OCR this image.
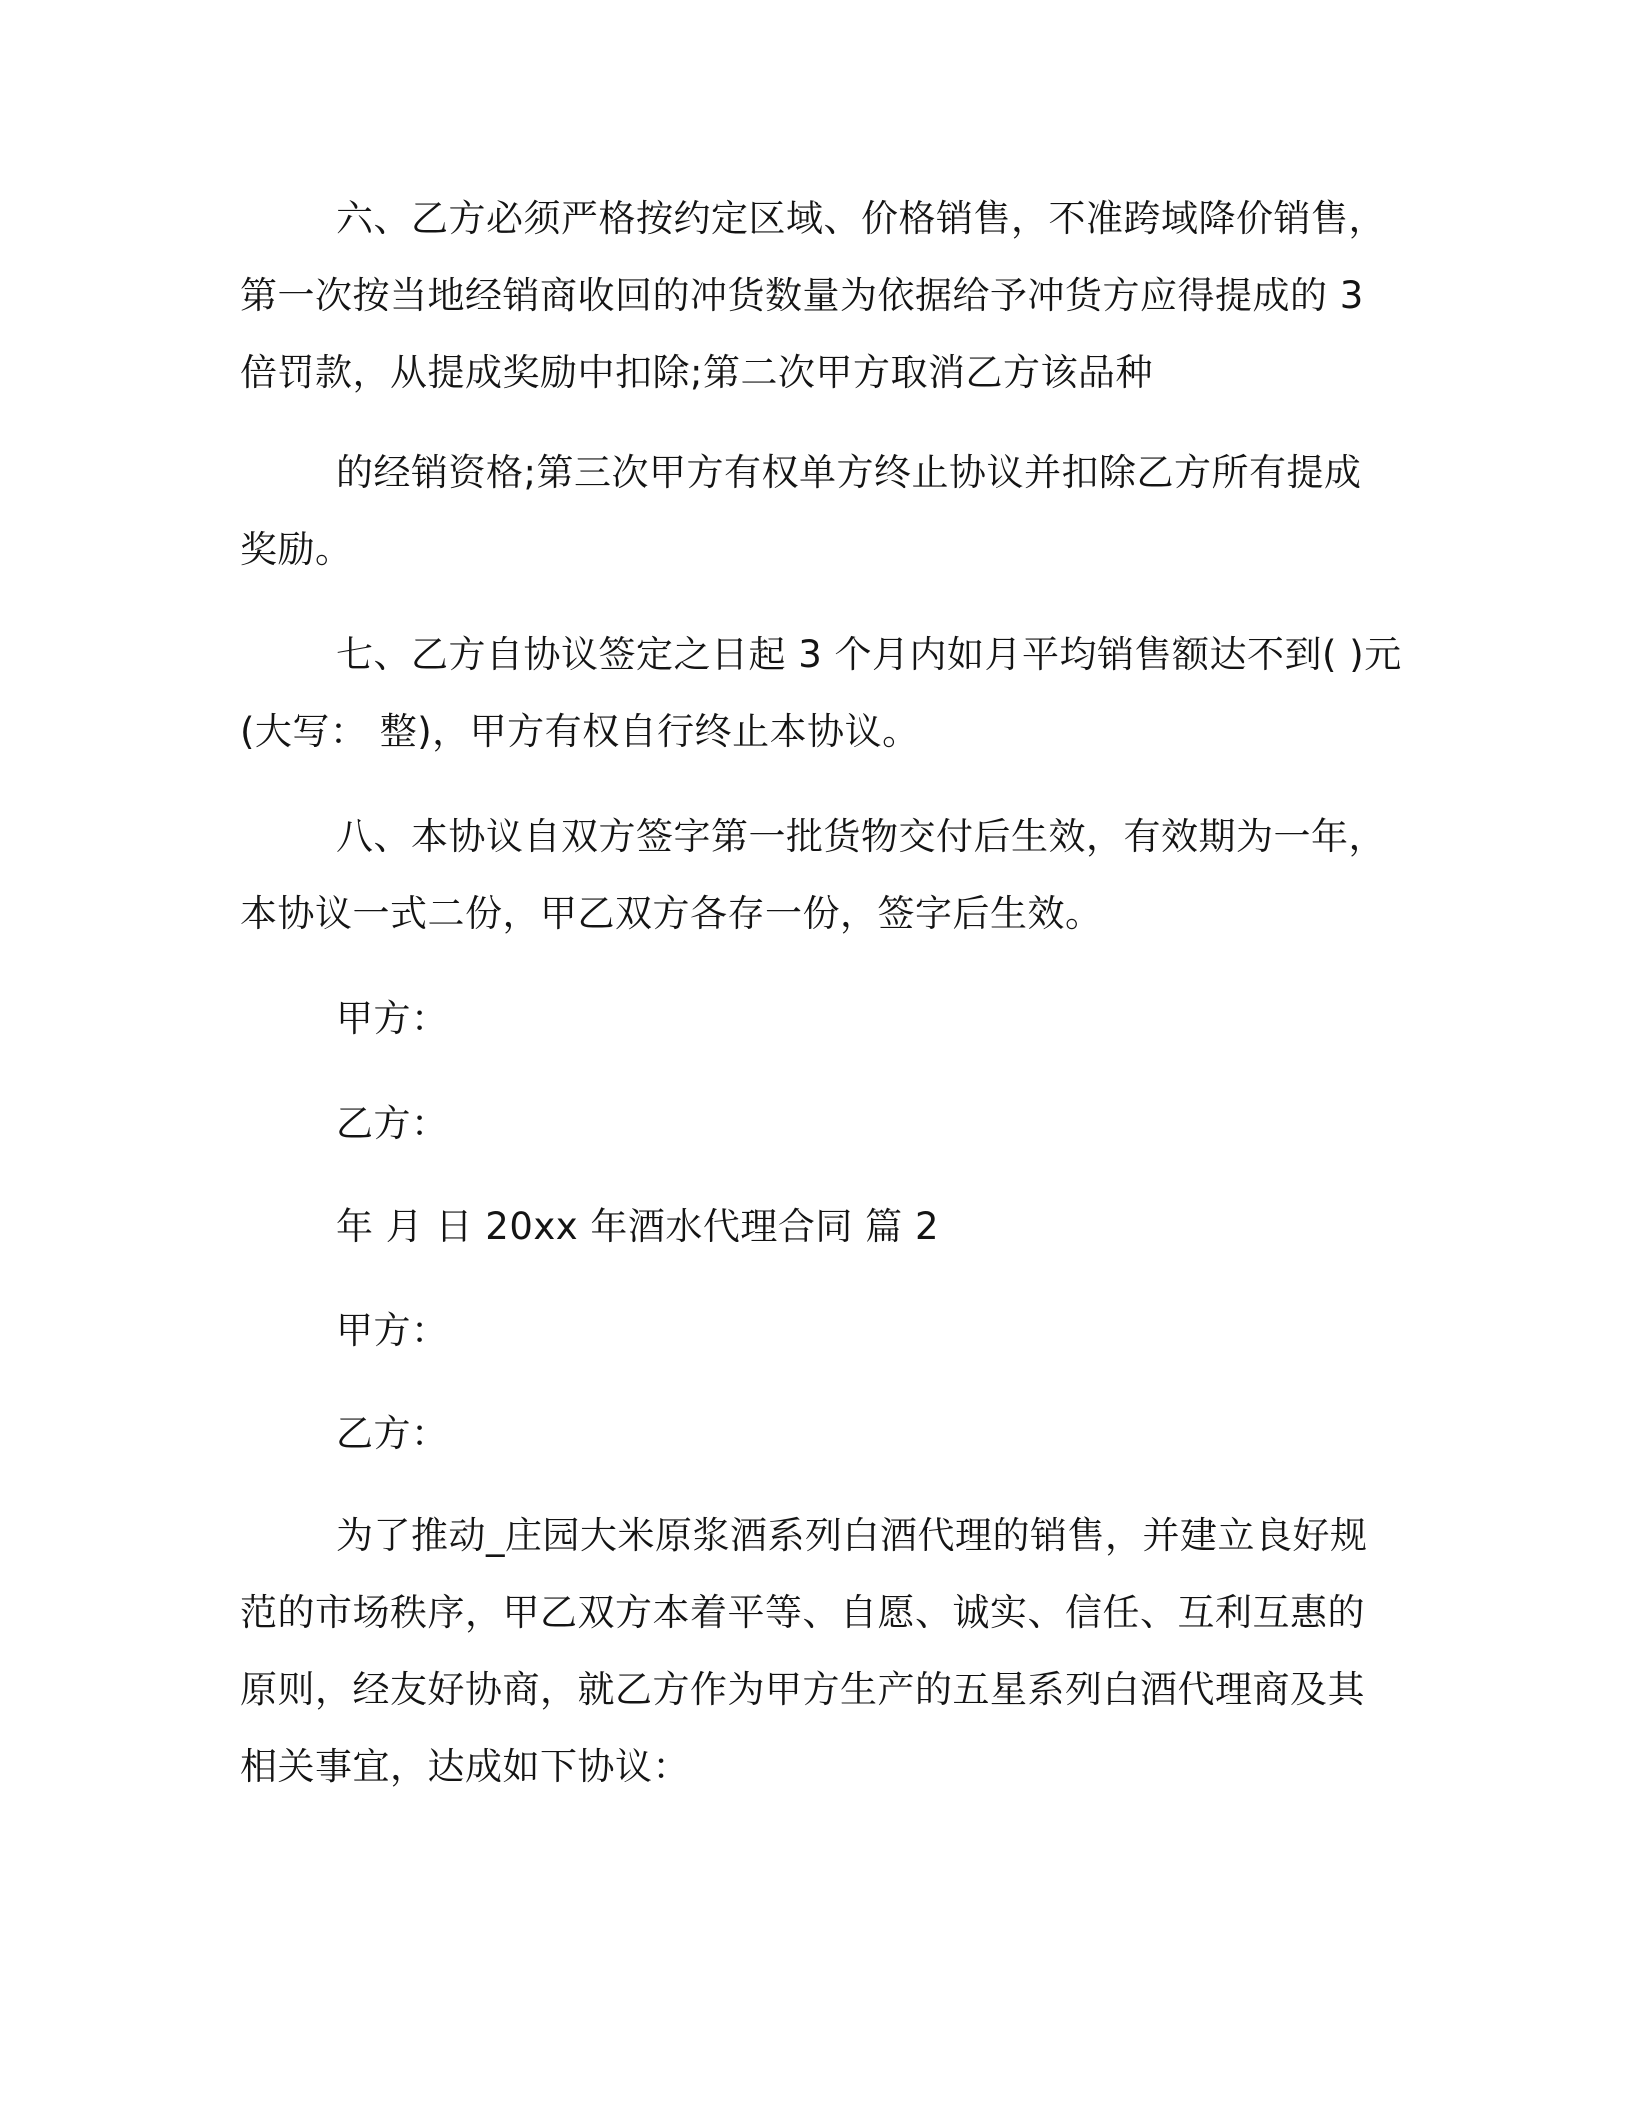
六、乙方必须严格按约定区域、价格销售，不准跨域降价销售，
第一次按当地经销商收回的冲货数量为依据给予冲货方应得提成的 3
倍罚款，从提成奖励中扣除;第二次甲方取消乙方该品种
的经销资格;第三次甲方有权单方终止协议并扣除乙方所有提成
奖励。
七、乙方自协议签定之日起 3 个月内如月平均销售额达不到( )元
(大写： 整)，甲方有权自行终止本协议。
八、本协议自双方签字第一批货物交付后生效，有效期为一年，
本协议一式二份，甲乙双方各存一份，签字后生效。
甲方：
乙方：
年 月 日 20xx 年酒水代理合同 篇 2
甲方：
乙方：
为了推动_庄园大米原浆酒系列白酒代理的销售，并建立良好规
范的市场秩序，甲乙双方本着平等、自愿、诚实、信任、互利互惠的
原则，经友好协商，就乙方作为甲方生产的五星系列白酒代理商及其
相关事宜，达成如下协议：
